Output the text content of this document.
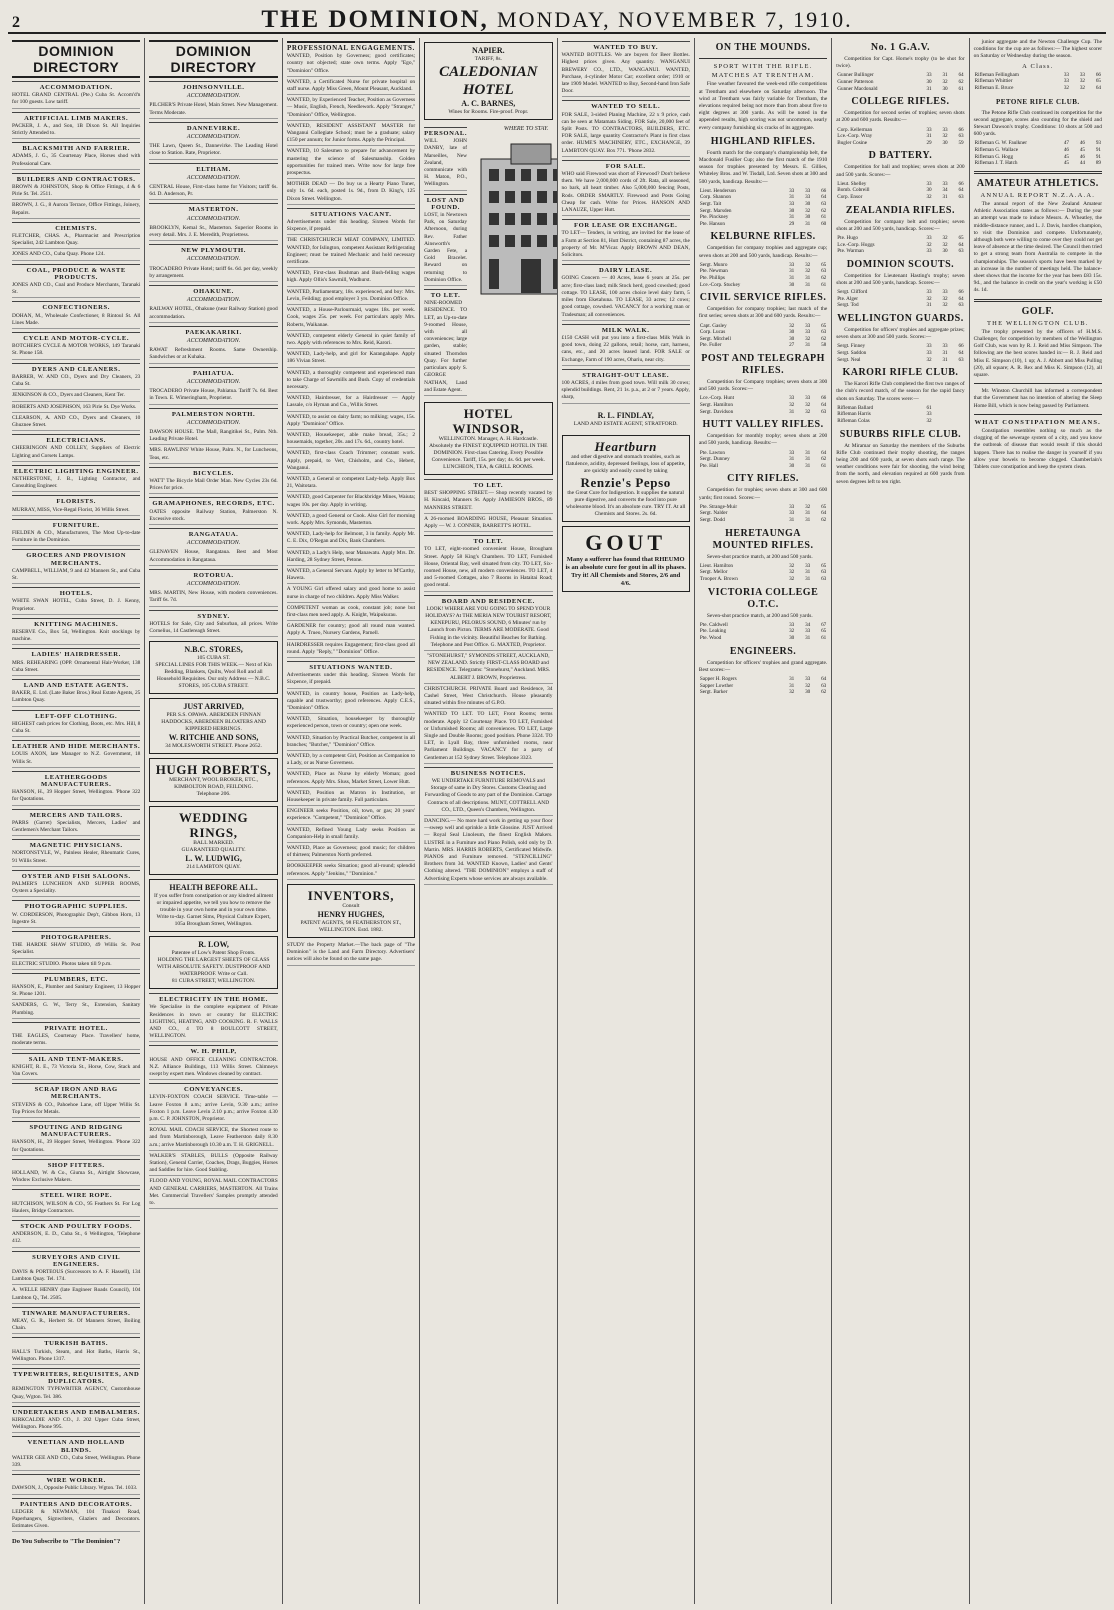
2	THE DOMINION, MONDAY, NOVEMBER 7, 1910.
DOMINION DIRECTORY
ACCOMMODATION.
HOTEL GRAND CENTRAL (Pte.) Cuba St. Accom'd'n for 100 guests. Low tariff.
ARTIFICIAL LIMB MAKERS.
PACKER, J. A., and Son, 1B Dixon St. All Inquiries Strictly Attended to.
BLACKSMITH AND FARRIER.
ADAMS, J. G., 35 Courtenay Place, Horses shod with Professional Care.
BUILDERS AND CONTRACTORS.
BROWN & JOHNSTON, Shop & Office Fittings, 4 & 6 Pirie St. Tel. 2511.
BROWN, J. G., 8 Aurora Terrace, Office Fittings, Joinery, Repairs.
CHEMISTS.
FLETCHER, CHAS. A., Pharmacist and Prescription Specialist, 242 Lambton Quay.
JONES AND CO., Cuba Quay. Phone 124.
COAL, PRODUCE & WASTE PRODUCTS.
JONES AND CO., Coal and Produce Merchants, Taranaki St.
CONFECTIONERS.
DOHAN, M., Wholesale Confectioner, 8 Rintoul St. All Lines Made.
CYCLE AND MOTOR-CYCLE.
BOTCHER'S CYCLE & MOTOR WORKS, 149 Taranaki St. Phone 158.
DYERS AND CLEANERS.
BARRER, W. AND CO., Dyers and Dry Cleaners, 23 Cuba St.
JENKINSON & CO., Dyers and Cleaners, Kent Ter.
ROBERTS AND JOSEPHSON, 163 Pirie St. Dye Works.
CLEARSON, A. AND CO., Dyers and Cleaners, 10 Ghuznee Street.
ELECTRICIANS.
CHEERINGON AND COLLEY, Suppliers of Electric Lighting and Corsets Lamps.
ELECTRIC LIGHTING ENGINEER.
NETHERSTONE, J. B., Lighting Contractor, and Consulting Engineer.
FLORISTS.
MURRAY, MISS, Vice-Regal Florist, 36 Willis Street.
FURNITURE.
FIELDEN & CO., Manufacturers, The Most Up-to-date Furniture in the Dominion.
GROCERS AND PROVISION MERCHANTS.
CAMPBELL, WILLIAM, 9 and 42 Manners St., and Cuba St.
HOTELS.
WHITE SWAN HOTEL, Cuba Street, D. J. Kenny, Proprietor.
KNITTING MACHINES.
RESERVE Co., Box 54, Wellington. Knit stockings by machine.
LADIES' HAIRDRESSER.
MRS. REHEARING (OPP. Ornamental Hair-Worker, 138 Cuba Street.
LAND AND ESTATE AGENTS.
BAKER, E. Ltd. (Late Baker Bros.) Real Estate Agents, 25 Lambton Quay.
LEFT-OFF CLOTHING.
HIGHEST cash prices for Clothing, Boots, etc. Mrs. Hill, 8 Cuba St.
LEATHER AND HIDE MERCHANTS.
LOUIS AXON, late Manager to N.Z. Government, 18 Willis St.
LEATHERGOODS MANUFACTURERS.
HANSON, H., 39 Hopper Street, Wellington. 'Phone 322 for Quotations.
MERCERS AND TAILORS.
PARRS (Garret) Specialists, Mercers, Ladies' and Gentlemen's Merchant Tailors.
MAGNETIC PHYSICIANS.
NORTONSTYLE, W., Painless Healer, Rheumatic Cures, 91 Willis Street.
OYSTER AND FISH SALOONS.
PALMER'S LUNCHEON AND SUPPER ROOMS, Oysters a Speciality.
PHOTOGRAPHIC SUPPLIES.
W. CORDERSON, Photographic Dep't, Gibbon Horn, 13 Ingestre St.
PHOTOGRAPHERS.
THE HARDIE SHAW STUDIO, 49 Willis St. Post Specialist.
ELECTRIC STUDIO. Photos taken till 9 p.m.
PLUMBERS, ETC.
HANSON, E., Plumber and Sanitary Engineer, 13 Hopper St. Phone 1201.
SANDERS, G. W., Terry St., Extension, Sanitary Plumbing.
PRIVATE HOTEL.
THE EAGLES, Courtenay Place. Travellers' home, moderate terms.
SAIL AND TENT-MAKERS.
KNIGHT, R. E., 73 Victoria St., Horse, Cow, Stack and Van Covers.
SCRAP IRON AND RAG MERCHANTS.
STEVENS & CO., Pahoehoe Lane, off Upper Willis St. Top Prices for Metals.
SPOUTING AND RIDGING MANUFACTURERS.
HANSON, H., 39 Hopper Street, Wellington. 'Phone 322 for Quotations.
SHOP FITTERS.
HOLLAND, W. & Co., Giuma St., Airtight Showcase, Window Exclusive Makers.
STEEL WIRE ROPE.
HUTCHISON, WILSON & CO., 95 Feathers St. For Log Haulers, Bridge Contractors.
STOCK AND POULTRY FOODS.
ANDERSON, E. D., Cuba St., 6 Wellington, 'Telephone 412.
SURVEYORS AND CIVIL ENGINEERS.
DAVIS & PORTEOUS (Successors to A. F. Hassell), 134 Lambton Quay. Tel. 174.
A. WELLE HENRY (late Engineer Roads Council), 104 Lambton Q., Tel. 2505.
TINWARE MANUFACTURERS.
MEAY, G. R., Herbert St. Of Manners Street, Boiling Chain.
TURKISH BATHS.
HALL'S Turkish, Steam, and Hot Baths, Harris St., Wellington. Phone 1317.
TYPEWRITERS, REQUISITES, AND DUPLICATORS.
REMINGTON TYPEWRITER AGENCY, Customhouse Quay, Wgton. Tel. 386.
UNDERTAKERS AND EMBALMERS.
KIRKCALDIE AND CO., J. 202 Upper Cuba Street, Wellington. Phone 995.
VENETIAN AND HOLLAND BLINDS.
WALTER GEE AND CO., Cuba Street, Wellington. Phone 339.
WIRE WORKER.
DAWSON, J., Opposite Public Library. Wgton. Tel. 1033.
PAINTERS AND DECORATORS.
LEDGER & NEWMAN, 104 Tinakori Road, Paperhangers, Signwriters, Glaziers and Decorators. Estimates Given.
Do You Subscribe to "The Dominion"?
DOMINION DIRECTORY
JOHNSONVILLE.
ACCOMMODATION.
PILCHER'S Private Hotel, Main Street. New Management. Terms Moderate.
DANNEVIRKE.
ACCOMMODATION.
THE Lawn, Queen St., Dannevirke. The Leading Hotel close to Station. Rate, Proprietor.
ELTHAM.
ACCOMMODATION.
CENTRAL House, First-class home for Visitors; tariff 6s. 6d. D. Anderson, Pr.
MASTERTON.
ACCOMMODATION.
BROOKLYN, Kemal St., Masterton. Superior Rooms in every detail. Mrs. J. E. Meredith, Proprietress.
NEW PLYMOUTH.
ACCOMMODATION.
TROCADERO Private Hotel; tariff 6s. 6d. per day, weekly by arrangement.
OHAKUNE.
ACCOMMODATION.
RAILWAY HOTEL, Ohakune (near Railway Station) good accommodation.
PAEKAKARIKI.
ACCOMMODATION.
RAWAT Refreshment Rooms. Same Ownership. Sandwiches or at Kuhaka.
PAHIATUA.
ACCOMMODATION.
TROCADERO Private House, Pahiatua. Tariff 7s. 6d. Best in Town. E. Wimeringham, Proprietor.
PALMERSTON NORTH.
ACCOMMODATION.
DAWSON HOUSE. The Mall, Rangitikei St., Palm. Nth. Leading Private Hotel.
MRS. RAWLINS' White House, Palm. N., for Luncheons, Teas, etc.
BICYCLES.
WATT' The Bicycle Mail Order Man. New Cycles 23s 6d. Prices for price.
GRAMAPHONES, RECORDS, ETC.
OATES opposite Railway Station, Palmerston N. Excessive stock.
RANGATAUA.
ACCOMMODATION.
GLENAVEN House, Rangataua. Best and Most Accommodation in Rangataua.
ROTORUA.
ACCOMMODATION.
MRS. MARTIN, New House, with modern conveniences. Tariff 6s. 7d.
SYDNEY.
HOTELS for Sale, City and Suburban, all prices. Write Cornelius, 14 Castlereagh Street.
N.B.C. STORES,
105 CUBA ST.
SPECIAL LINES FOR THIS WEEK.— Next of Kin Bedding, Blankets, Quilts, Wool Roll and all Household Requisites. Our only Address — N.B.C. STORES, 105 CUBA STREET.
JUST ARRIVED,
PER S.S. OPAWA. ABERDEEN FINNAN HADDOCKS, ABERDEEN BLOATERS AND KIPPERED HERRINGS.
W. RITCHIE AND SONS,
34 MOLESWORTH STREET. Phone 2652.
HUGH ROBERTS,
MERCHANT, WOOL BROKER, ETC., KIMBOLTON ROAD, FEILDING.
Telephone 206.
WEDDING RINGS,
BALL MARKED.
GUARANTEED QUALITY.
L. W. LUDWIG,
214 LAMBTON QUAY.
HEALTH BEFORE ALL.
If you suffer from constipation or any kindred ailment or impaired appetite, we tell you how to remove the trouble in your own home and in your own time. Write to-day. Garnet Sims, Physical Culture Expert, 105a Brougham Street, Wellington.
R. LOW,
Patentee of Low's Patent Shop Fronts.
HOLDING THE LARGEST SHEETS OF GLASS WITH ABSOLUTE SAFETY. DUSTPROOF AND WATERPROOF. Write or Call.
81 CUBA STREET, WELLINGTON.
ELECTRICITY IN THE HOME.
We Specialise in the complete equipment of Private Residences in town or country for ELECTRIC LIGHTING, HEATING, AND COOKING. R. F. WALLS AND CO., 4 TO 8 BOULCOTT STREET, WELLINGTON.
W. H. PHILP,
HOUSE AND OFFICE CLEANING CONTRACTOR. N.Z. Alliance Buildings, 113 Willis Street. Chimneys swept by expert men. Windows cleaned by contract.
CONVEYANCES.
LEVIN-FOXTON COACH SERVICE. Time-table — Leave Foxton 8 a.m.; arrive Levin, 9.30 a.m.; arrive Foxton 1 p.m. Leave Levin 2.10 p.m.; arrive Foxton 4.30 p.m. C. P. JOHNSTON, Proprietor.
ROYAL MAIL COACH SERVICE, the Shortest route to and from Martinborough, Leave Featherston daily 8.30 a.m.; arrive Martinborough 10.30 a.m. T. H. GRIGNELL.
WALKER'S STABLES, BULLS (Opposite Railway Station), General Carrier, Coaches, Drags, Buggies, Horses and Saddles for hire. Good Stabling.
FLOOD AND YOUNG, ROYAL MAIL CONTRACTORS AND GENERAL CARRIERS, MASTERTON. All Trains Met. Commercial Travellers' Samples promptly attended to.
PROFESSIONAL ENGAGEMENTS.
WANTED, Position by Governess; good certificates; country not objected; state own terms. Apply "Ego," "Dominion" Office.
WANTED, a Certificated Nurse for private hospital on staff nurse. Apply Miss Green, Mount Pleasant, Auckland.
WANTED, by Experienced Teacher, Position as Governess — Music, English, French, Needlework. Apply "Stranger," "Dominion" Office, Wellington.
WANTED, RESIDENT ASSISTANT MASTER for Wanganui Collegiate School; must be a graduate; salary £150 per annum; for Junior forms. Apply the Principal.
WANTED, 10 Salesmen to prepare for advancement by mastering the science of Salesmanship. Golden opportunities for trained men. Write now for large free prospectus.
MOTHER DEAD — Do buy us a Hearty Piano Tuner, only 1s. 6d. each, posted 1s. 9d., from D. King's, 125 Dixon Street. Wellington.
SITUATIONS VACANT.
Advertisements under this heading. Sixteen Words for Sixpence, if prepaid.
THE CHRISTCHURCH MEAT COMPANY, LIMITED. WANTED, for Islington, competent Assistant Refrigerating Engineer; must be trained Mechanic and hold necessary certificate.
WANTED, First-class Bushman and Bush-felling wages high. Apply Ollis's Sawmill, Wadhurst.
WANTED, Parliamentary, 18s. experienced, and boy: Mrs. Levin, Feilding; good employer 3 yrs. Dominion Office.
WANTED, a House-Parlourmaid, wages 18s. per week. Cook, wages 25s. per week. For particulars apply Mrs. Roberts, Waikanae.
WANTED, competent elderly General in quiet family of two. Apply with references to Mrs. Reid, Karori.
WANTED, Lady-help, and girl for Karangahape. Apply 186 Vivian Street.
WANTED, a thoroughly competent and experienced man to take Charge of Sawmills and Bush. Copy of credentials necessary.
WANTED, Hairdresser, for a Hairdresser — Apply Lassale, c/o Hyman and Co., Willis Street.
WANTED, to assist on dairy farm; no milking; wages, 15s. Apply "Dominion" Office.
WANTED, Housekeeper, able make bread, 35s.; 2 housemaids, together, 20s. and 17s. 6d., country hotel.
WANTED, first-class Coach Trimmer; constant work. Apply, prepaid, to Vert, Chisholm, and Co., Hebert, Wanganui.
WANTED, a General or competent Lady-help. Apply Box 21, Waitotara.
WANTED, good Carpenter for Blackbridge Mines, Waiuta; wages 10s. per day. Apply in writing.
WANTED, a good General or Cook. Also Girl for morning work. Apply Mrs. Symonds, Masterton.
WANTED, Lady-help for Belmont, 3 in family. Apply Mr. C. E. Dix, O'Regan and Dix, Bank Chambers.
WANTED, a Lady's Help, near Manawatu. Apply Mrs. Dr. Harding, 28 Sydney Street, Petone.
WANTED, a General Servant. Apply by letter to M'Carthy, Hawera.
A YOUNG Girl offered salary and good home to assist nurse in charge of two children. Apply Miss Walker.
COMPETENT woman as cook, constant job; none but first-class men need apply. A. Knight, Waipukurau.
GARDENER for country; good all round man wanted. Apply A. Trueo, Nursery Gardens, Parnell.
HAIRDRESSER requires Engagement; first-class good all round. Apply "Reply," "Dominion" Office.
SITUATIONS WANTED.
Advertisements under this heading. Sixteen Words for Sixpence, if prepaid.
WANTED, in country house, Position as Lady-help, capable and trustworthy; good references. Apply C.E.S., "Dominion" Office.
WANTED, Situation, housekeeper by thoroughly experienced person, town or country; open one week.
WANTED, Situation by Practical Butcher, competent in all branches; "Butcher," "Dominion" Office.
WANTED, by a competent Girl, Position as Companion to a Lady, or as Nurse Governess.
WANTED, Place as Nurse by elderly Woman; good references. Apply Mrs. Sluss, Market Street, Lower Hutt.
WANTED, Position as Matron in Institution, or Housekeeper in private family. Full particulars.
ENGINEER seeks Position, oil, town, or gas; 20 years' experience. "Competent," "Dominion" Office.
WANTED, Refined Young Lady seeks Position as Companion-Help in small family.
WANTED, Place as Governess; good music; for children of thirteen; Palmerston North preferred.
BOOKKEEPER seeks Situation; good all-round; splendid references. Apply "Jenkins," "Dominion."
INVENTORS,
Consult
HENRY HUGHES,
PATENT AGENTS, 98 FEATHERSTON ST., WELLINGTON. Estd. 1882.
STUDY the Property Market.—The back page of "The Dominion" is the Land and Farm Directory. Advertisers' notices will also be found on the same page.
NAPIER.
TARIFF, 8s.
CALEDONIAN HOTEL
A. C. BARNES,
Wines for Rooms. Fire-proof. Propr.
PERSONAL.
WILL JOHN DANBY, late of Marseilles, New Zealand, communicate with H. Maton, P.O., Wellington.
LOST AND FOUND.
LOST, in Newtown Park, on Saturday Afternoon, during Rev. Father Ainsworth's Garden Fete, a Gold Bracelet. Reward on returning to Dominion Office.
TO LET.
NINE-ROOMED RESIDENCE. TO LET, an Up-to-date 9-roomed House, with all conveniences; large garden, stable; situated Thorndon Quay. For further particulars apply S. GEORGE NATHAN, Land and Estate Agent.
WHERE TO STAY.
HOTEL WINDSOR,
WELLINGTON. Manager, A. H. Hardcastle. Absolutely the FINEST EQUIPPED HOTEL IN THE DOMINION. First-class Catering. Every Possible Convenience. Tariff, 15s. per day; 4s. 6d. per week. LUNCHEON, TEA, & GRILL ROOMS.
TO LET.
BEST SHOPPING STREET.— Shop recently vacated by H. Kincaid, Manners St. Apply JAMIESON BROS., 89 MANNERS STREET.
A 26-roomed BOARDING HOUSE, Pleasant Situation. Apply — W. J. CONNER, BARRETT'S HOTEL.
TO LET.
TO LET, eight-roomed convenient House, Brougham Street. Apply 58 King's Chambers. TO LET, Furnished House, Oriental Bay, well situated from city. TO LET, Six-roomed House, new, all modern conveniences. TO LET, 4 and 5-roomed Cottages, also 7 Rooms in Hataitai Road; good rental.
BOARD AND RESIDENCE.
LOOK! WHERE ARE YOU GOING TO SPEND YOUR HOLIDAYS? At THE MERIA NEW TOURIST RESORT, KENEPURU, PELORUS SOUND, 6 Minutes' run by Launch from Picton. TERMS ARE MODERATE. Good Fishing in the vicinity. Beautiful Beaches for Bathing. Telephone and Post Office. G. MAXTED, Proprietor.
"STONEHURST," SYMONDS STREET, AUCKLAND, NEW ZEALAND. Strictly FIRST-CLASS BOARD and RESIDENCE. Telegrams: "Stonehurst," Auckland. MRS. ALBERT J. BROWN, Proprietress.
CHRISTCHURCH. PRIVATE Board and Residence, 34 Cashel Street, West Christchurch. House pleasantly situated within five minutes of G.P.O.
WANTED TO LET. TO LET, Front Rooms; terms moderate. Apply 12 Courtenay Place. TO LET, Furnished or Unfurnished Rooms; all conveniences. TO LET, Large Single and Double Rooms; good position. Phone 3324. TO LET, in Lyall Bay, three unfurnished rooms, near Parliament Buildings. VACANCY for a party of Gentlemen at 152 Sydney Street. Telephone 3323.
BUSINESS NOTICES.
WE UNDERTAKE FURNITURE REMOVALS and Storage of same in Dry Stores. Customs Clearing and Forwarding of Goods to any part of the Dominion. Cartage Contracts of all descriptions. MUNT, COTTRELL AND CO., LTD., Queen's Chambers, Wellington.
DANCING.— No more hard work in getting up your floor—sweep well and sprinkle a little Glossine. JUST Arrived — Royal Seal Linoleum, the finest English Makers. LUSTRE in a Furniture and Piano Polish, sold only by D. Martin. MRS. HARRIS ROBERTS, Certificated Midwife. PIANOS and Furniture removed. "STENCILLING" Brothers from 3d. WANTED Known, Ladies' and Gents' Clothing altered. "THE DOMINION" employs a staff of Advertising Experts whose services are always available.
WANTED TO BUY.
WANTED BOTTLES. We are buyers for Beer Bottles. Highest prices given. Any quantity. WANGANUI BREWERY CO., LTD., WANGANUI. WANTED, Purchase, 4-cylinder Motor Car; excellent order; 1910 or late 1909 Model. WANTED to Buy, Second-hand Iron Safe Door.
WANTED TO SELL.
FOR SALE, 3-sided Planing Machine, 22 x 9 price, cash can be seen at Matamata Siding. FOR Sale, 20,000 feet of Split Posts. TO CONTRACTORS, BUILDERS, ETC. FOR SALE, large quantity Contractor's Plant in first class order. HUME'S MACHINERY, ETC., EXCHANGE, 39 LAMBTON QUAY. Box 771. 'Phone 2832.
FOR SALE.
WHO said Firewood was short of Firewood? Don't believe them. We have 2,000,000 cords of 2ft. Rata, all seasoned, no bark, all heart timber. Also 5,000,000 fencing Posts, Rods. ORDER SMARTLY. Firewood and Posts Going Cheap for cash. Write for Prices. HANSON AND LANAUZE, Upper Hutt.
FOR LEASE OR EXCHANGE.
TO LET— Tenders, in writing, are invited for the lease of a Farm at Section 81, Hutt District, containing 87 acres, the property of Mr. M'Vicar. Apply BROWN AND DEAN, Solicitors.
DAIRY LEASE.
GOING Concern — 40 Acres, lease 6 years at 25s. per acre; first-class land; milk Stock herd, good cowshed; good cottage. TO LEASE, 100 acres choice level dairy farm, 5 miles from Eketahuna. TO LEASE, 33 acres; 12 cows; good cottage, cowshed. VACANCY for a working man or Tradesman; all conveniences.
MILK WALK.
£150 CASH will put you into a first-class Milk Walk in good town, doing 22 gallons, retail; horse, cart, harness, cans, etc., and 20 acres leased land. FOR SALE or Exchange, Farm of 190 acres, Ohariu, near city.
STRAIGHT-OUT LEASE.
100 ACRES, 4 miles from good town. Will milk 30 cows; splendid buildings. Rent, 21 1s. p.a., at 2 or 7 years. Apply, sharp,
R. L. FINDLAY,
LAND AND ESTATE AGENT, STRATFORD.
Heartburn
and other digestive and stomach troubles, such as flatulence, acidity, depressed feelings, loss of appetite, are quickly and easily cured by taking
Renzie's Pepso
the Great Cure for Indigestion. It supplies the natural pure digestive, and converts the food into pure wholesome blood. It's an absolute cure. TRY IT. At all Chemists and Stores. 2s. 6d.
GOUT
Many a sufferer has found that RHEUMO is an absolute cure for gout in all its phases. Try it! All Chemists and Stores, 2/6 and 4/6.
ON THE MOUNDS.
SPORT WITH THE RIFLE.
MATCHES AT TRENTHAM.
Fine weather favoured the week-end rifle competitions at Trentham and elsewhere on Saturday afternoon. The wind at Trentham was fairly variable for Trentham, the elevations required being not more than from about five to eight degrees at 300 yards. As will be noted in the appended results, high scoring was not uncommon, nearly every company furnishing six cracks of its aggregate.
HIGHLAND RIFLES.
Fourth match for the company's championship belt, the Macdonald Fusilier Cup; also the first match of the 1910 season for trophies presented by Messrs. E. Gillies, Whiteley Bros. and W. Tisdall, Ltd. Seven shots at 300 and 500 yards, handicap. Results:—
Lieut. Henderson	33	33	66
Corp. Shannon	31	33	64
Sergt. Tait	33	30	63
Sergt. Marsden	30	32	62
Pte. Pinckney	31	30	61
Pte. Hanson	29	31	60
KELBURNE RIFLES.
Competition for company trophies and aggregate cup; seven shots at 200 and 500 yards, handicap. Results:—
Sergt. Munro	33	32	65
Pte. Newman	31	32	63
Pte. Phillips	31	31	62
Lce.-Corp. Stuckey	30	31	61
CIVIL SERVICE RIFLES.
Competition for company trophies; last match of the first series; seven shots at 300 and 600 yards. Results:—
Capt. Gasley	32	33	65
Corp. Lucas	30	33	63
Sergt. Mitchell	30	32	62
Pte. Fuller	27	31	58
POST AND TELEGRAPH RIFLES.
Competition for Company trophies; seven shots at 300 and 500 yards. Scores:—
Lce.-Corp. Hunt	33	33	66
Sergt. Hamilton	32	32	64
Sergt. Davidson	31	32	63
HUTT VALLEY RIFLES.
Competition for monthly trophy; seven shots at 200 and 500 yards, handicap. Results:—
Pte. Lawton	33	31	64
Sergt. Dunney	31	31	62
Pte. Hall	30	31	61
CITY RIFLES.
Competition for trophies; seven shots at 300 and 600 yards; first round. Scores:—
Pte. Strange-Muir	33	32	65
Sergt. Nalder	33	31	64
Sergt. Dodd	31	31	62
HERETAUNGA MOUNTED RIFLES.
Seven-shot practice match, at 200 and 500 yards.
Lieut. Hamilton	32	33	65
Sergt. Mellor	32	31	63
Trooper A. Brown	32	31	63
VICTORIA COLLEGE O.T.C.
Seven-shot practice match, at 200 and 500 yards.
Pte. Caldwell	33	34	67
Pte. Leaking	32	33	65
Pte. Wood	30	31	61
ENGINEERS.
Competition for officers' trophies and grand aggregate. Best scores:—
Sapper H. Rogers	31	33	64
Sapper Lowther	31	32	63
Sergt. Barker	32	30	62
No. 1 G.A.V.
Competition for Capt. Horne's trophy (to be shot for twice).
Gunner Bullinger	33	31	64
Gunner Patterson	30	32	62
Gunner Macdonald	31	30	61
COLLEGE RIFLES.
Competition for second series of trophies; seven shots at 200 and 600 yards. Results:—
Corp. Kellerman	33	33	66
Lce.-Corp. Wray	31	32	63
Bugler Cosine	29	30	59
D BATTERY.
Competition for ball and trophies; seven shots at 200 and 500 yards. Scores:—
Lieut. Shelley	33	33	66
Bomb. Cobreill	30	34	64
Corp. Ensor	32	31	63
ZEALANDIA RIFLES.
Competition for company belt and trophies; seven shots at 200 and 500 yards, handicap. Scores:—
Pte. Hugo	33	32	65
Lce.-Corp. Hoggs	32	32	64
Pte. Warman	33	30	63
DOMINION SCOUTS.
Competition for Lieutenant Hasting's trophy; seven shots at 200 and 500 yards, handicap. Scores:—
Sergt. Clifford	33	33	66
Pte. Alger	32	32	64
Sergt. Tod	31	32	63
WELLINGTON GUARDS.
Competition for officers' trophies and aggregate prizes; seven shots at 300 and 500 yards. Scores:—
Sergt. Finney	33	33	66
Sergt. Saddon	33	31	64
Sergt. Neal	32	31	63
KARORI RIFLE CLUB.
The Karori Rifle Club completed the first two ranges of the club's record match, of the season for the rapid fancy shots on Saturday. The scores were:—
Rifleman Ballard	61		
Rifleman Harris	33		
Rifleman Colas	32		
SUBURBS RIFLE CLUB.
At Miramar on Saturday the members of the Suburbs Rifle Club continued their trophy shooting, the ranges being 200 and 600 yards, at seven shots each range. The weather conditions were fair for shooting, the wind being from the north, and elevation required at 600 yards from seven degrees left to ten right.
junior aggregate and the Newton Challenge Cup. The conditions for the cup are as follows:— The highest scorer on Saturday or Wednesday during the season.
A Class.
Rifleman Fellingham	33	33	66
Rifleman Whittier	33	32	65
Rifleman E. Bruce	32	32	64
PETONE RIFLE CLUB.
The Petone Rifle Club continued its competition for the second aggregate, scores also counting for the shield and Stewart Dawson's trophy. Conditions: 10 shots at 500 and 600 yards.
Rifleman G. W. Faulkner	47	46	93
Rifleman G. Wallace	46	45	91
Rifleman G. Hogg	45	46	91
Rifleman J. T. Hatch	45	44	89
AMATEUR ATHLETICS.
ANNUAL REPORT N.Z.A.A.A.
The annual report of the New Zealand Amateur Athletic Association states as follows:— During the year an attempt was made to induce Messrs. A. Wheatley, the middle-distance runner, and L. J. Davis, hurdles champion, to visit the Dominion and compete. Unfortunately, although both were willing to come over they could not get leave of absence at the time desired. The Council then tried to get a strong team from Australia to compete in the championships. The season's sports have been marked by an increase in the number of meetings held. The balance-sheet shows that the income for the year has been £83 15s. 9d., and the balance in credit on the year's working is £50 4s. 1d.
GOLF.
THE WELLINGTON CLUB.
The trophy presented by the officers of H.M.S. Challenger, for competition by members of the Wellington Golf Club, was won by R. J. Reid and Miss Simpson. The following are the best scores handed in:— R. J. Reid and Miss E. Simpson (10), 1 up; A. J. Abbott and Miss Pulling (20), all square; A. R. Rex and Miss K. Simpson (12), all square.
Mr. Winston Churchill has informed a correspondent that the Government has no intention of altering the Sleep Home Bill, which is now being passed by Parliament.
WHAT CONSTIPATION MEANS.
Constipation resembles nothing so much as the clogging of the sewerage system of a city, and you know the outbreak of disease that would result if this should happen. There has to realise the danger in yourself if you allow your bowels to become clogged. Chamberlain's Tablets cure constipation and keep the system clean.
